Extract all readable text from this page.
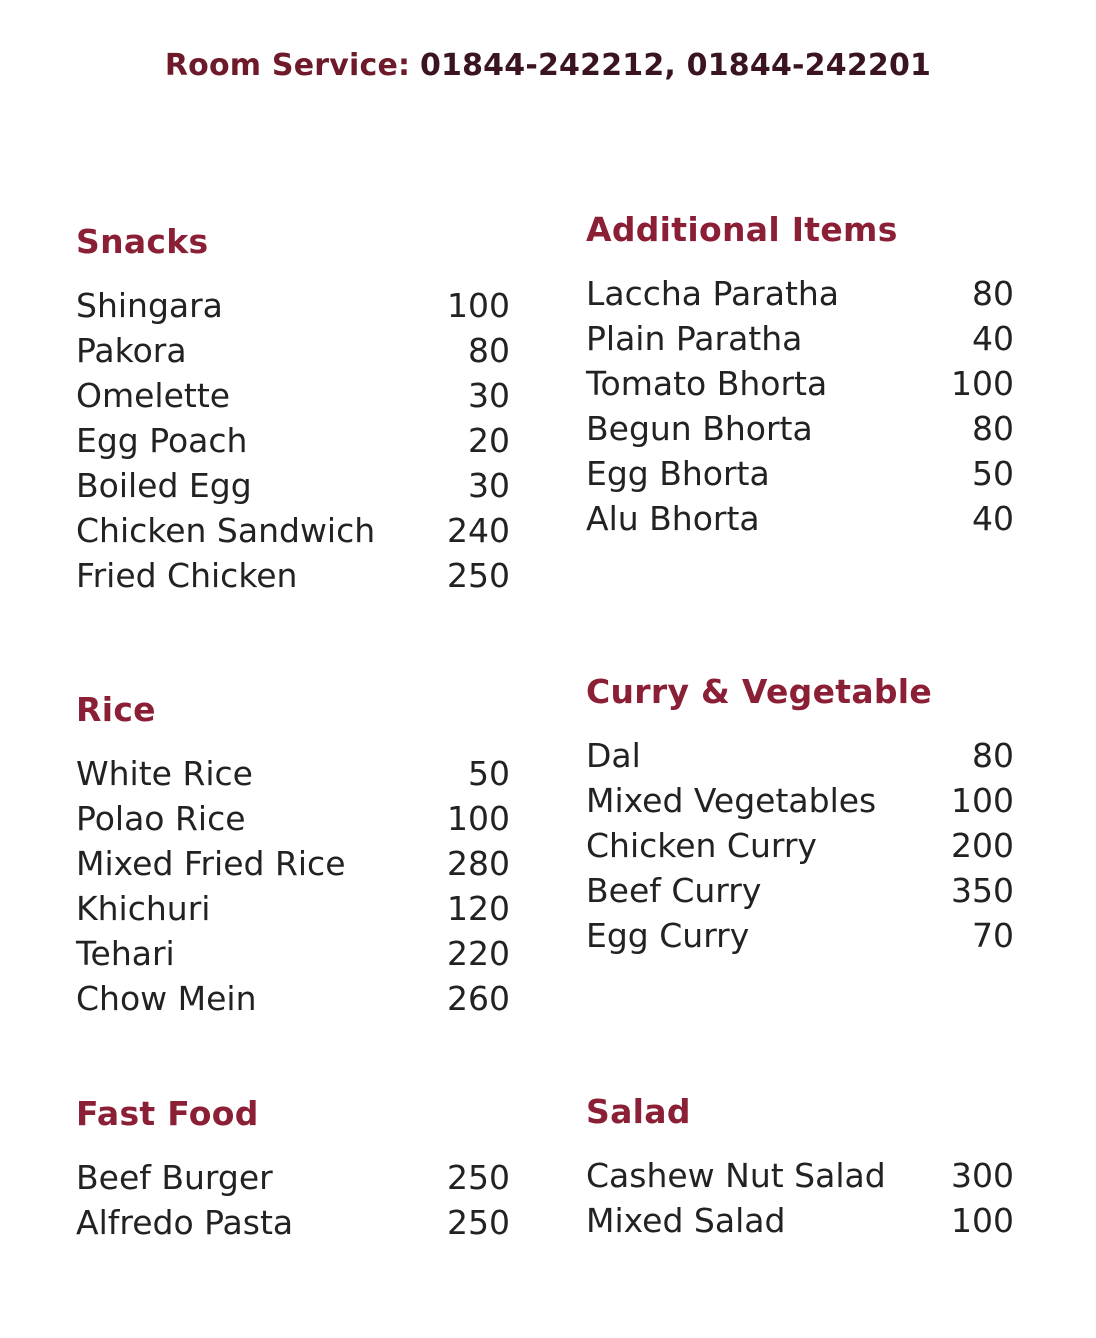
Room Service: 01844-242212, 01844-242201
Snacks
Shingara	100
Pakora	80
Omelette	30
Egg Poach	20
Boiled Egg	30
Chicken Sandwich 240
Fried Chicken	250
Additional Items
Laccha Paratha	80
Plain Paratha	40
Tomato Bhorta	100
Begun Bhorta	80
Egg Bhorta	50
Alu Bhorta	40
Rice
White Rice	50
Polao Rice	100
Mixed Fried Rice	280
Khichuri	120
Tehari	220
Chow Mein	260
Curry & Vegetable
Dal	80
Mixed Vegetables 100
Chicken Curry	200
Beef Curry	350
Egg Curry	70
Fast Food
Beef Burger	250
Alfredo Pasta	250
Salad
Cashew Nut Salad 300
Mixed Salad	100
